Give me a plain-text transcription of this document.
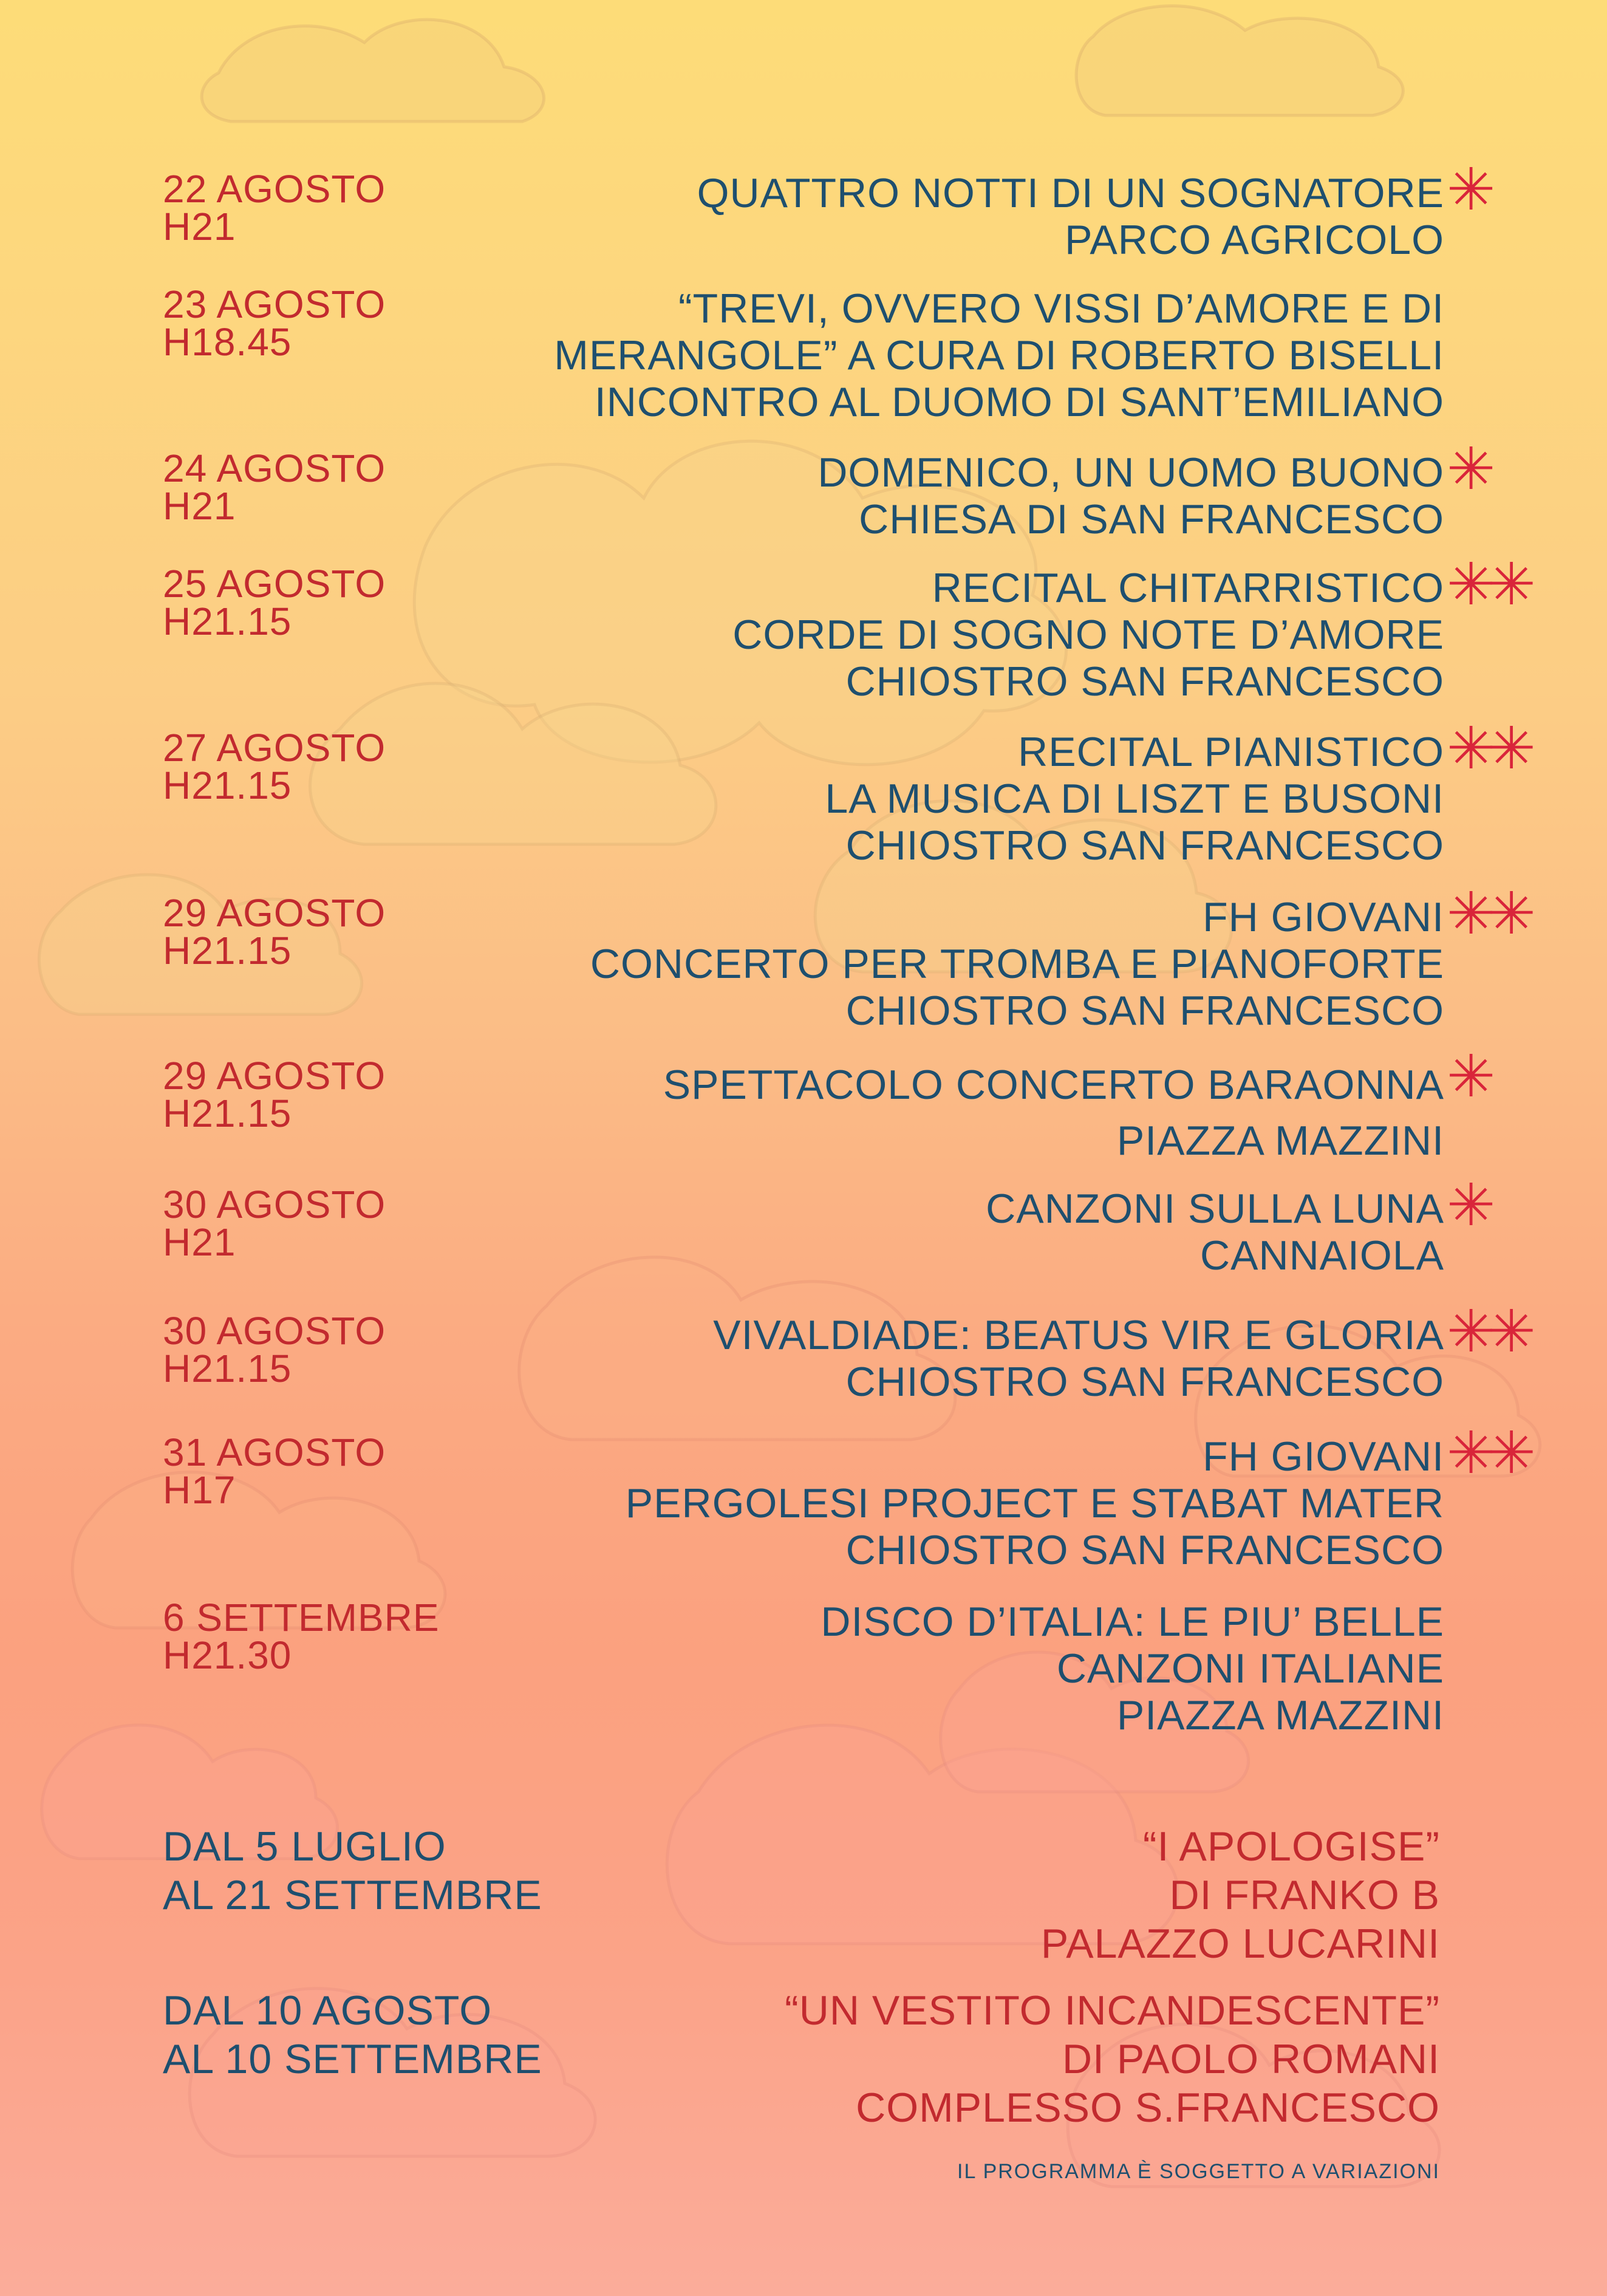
22 AGOSTO
H21
QUATTRO NOTTI DI UN SOGNATORE
PARCO AGRICOLO
✳
23 AGOSTO
H18.45
“TREVI, OVVERO VISSI D’AMORE E DI
MERANGOLE” A CURA DI ROBERTO BISELLI
INCONTRO AL DUOMO DI SANT’EMILIANO
24 AGOSTO
H21
DOMENICO, UN UOMO BUONO
CHIESA DI SAN FRANCESCO
✳
25 AGOSTO
H21.15
RECITAL CHITARRISTICO
CORDE DI SOGNO NOTE D’AMORE
CHIOSTRO SAN FRANCESCO
✳✳
27 AGOSTO
H21.15
RECITAL PIANISTICO
LA MUSICA DI LISZT E BUSONI
CHIOSTRO SAN FRANCESCO
✳✳
29 AGOSTO
H21.15
FH GIOVANI
CONCERTO PER TROMBA E PIANOFORTE
CHIOSTRO SAN FRANCESCO
✳✳
29 AGOSTO
H21.15
SPETTACOLO CONCERTO BARAONNA
PIAZZA MAZZINI
✳
30 AGOSTO
H21
CANZONI SULLA LUNA
CANNAIOLA
✳
30 AGOSTO
H21.15
VIVALDIADE: BEATUS VIR E GLORIA
CHIOSTRO SAN FRANCESCO
✳✳
31 AGOSTO
H17
FH GIOVANI
PERGOLESI PROJECT E STABAT MATER
CHIOSTRO SAN FRANCESCO
✳✳
6 SETTEMBRE
H21.30
DISCO D’ITALIA: LE PIU’ BELLE
CANZONI ITALIANE
PIAZZA MAZZINI
DAL 5 LUGLIO
AL 21 SETTEMBRE
“I APOLOGISE”
DI FRANKO B
PALAZZO LUCARINI
DAL 10 AGOSTO
AL 10 SETTEMBRE
“UN VESTITO INCANDESCENTE”
DI PAOLO ROMANI
COMPLESSO S.FRANCESCO
IL PROGRAMMA È SOGGETTO A VARIAZIONI
